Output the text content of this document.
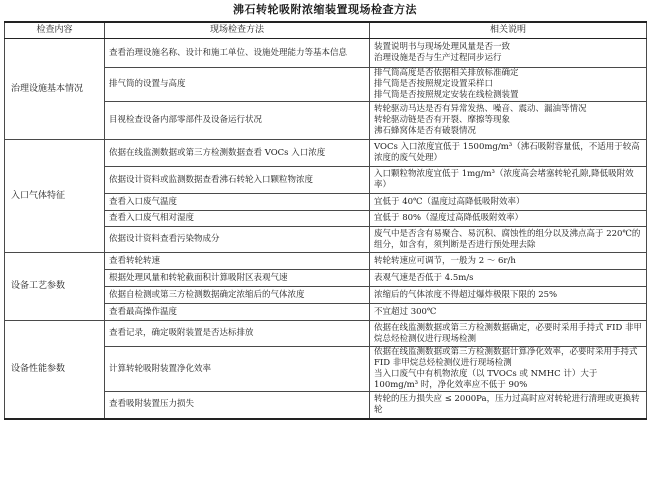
沸石转轮吸附浓缩装置现场检查方法
检查内容	现场检查方法	相关说明
治理设施基本情况	查看治理设施名称、设计和施工单位、设施处理能力等基本信息	装置说明书与现场处理风量是否一致
治理设施是否与生产过程同步运行
	排气筒的设置与高度	排气筒高度是否依据相关排放标准确定
排气筒是否按照规定设置采样口
排气筒是否按照规定安装在线检测装置
	目视检查设备内部零部件及设备运行状况	转轮驱动马达是否有异常发热、噪音、震动、漏油等情况
转轮驱动链是否有开裂、摩擦等现象
沸石蜂窝体是否有破裂情况
入口气体特征	依据在线监测数据或第三方检测数据查看 VOCs 入口浓度	VOCs 入口浓度宜低于 1500mg/m³（沸石吸附容量低，不适用于较高浓度的废气处理）
	依据设计资料或监测数据查看沸石转轮入口颗粒物浓度	入口颗粒物浓度宜低于 1mg/m³（浓度高会堵塞转轮孔隙,降低吸附效率）
	查看入口废气温度	宜低于 40℃（温度过高降低吸附效率）
	查看入口废气相对湿度	宜低于 80%（湿度过高降低吸附效率）
	依据设计资料查看污染物成分	废气中是否含有易聚合、易沉积、腐蚀性的组分以及沸点高于 220℃的组分，如含有，须判断是否进行预处理去除
设备工艺参数	查看转轮转速	转轮转速应可调节，一般为 2 ～ 6r/h
	根据处理风量和转轮截面积计算吸附区表观气速	表观气速是否低于 4.5m/s
	依据自检测或第三方检测数据确定浓缩后的气体浓度	浓缩后的气体浓度不得超过爆炸极限下限的 25%
	查看最高操作温度	不宜超过 300℃
设备性能参数	查看记录，确定吸附装置是否达标排放	依据在线监测数据或第三方检测数据确定，必要时采用手持式 FID 非甲烷总烃检测仪进行现场检测
	计算转轮吸附装置净化效率	依据在线监测数据或第三方检测数据计算净化效率，必要时采用手持式 FID 非甲烷总烃检测仪进行现场检测
当入口废气中有机物浓度（以 TVOCs 或 NMHC 计）大于 100mg/m³ 时，净化效率应不低于 90%
	查看吸附装置压力损失	转轮的压力损失应 ≤ 2000Pa，压力过高时应对转轮进行清理或更换转轮
